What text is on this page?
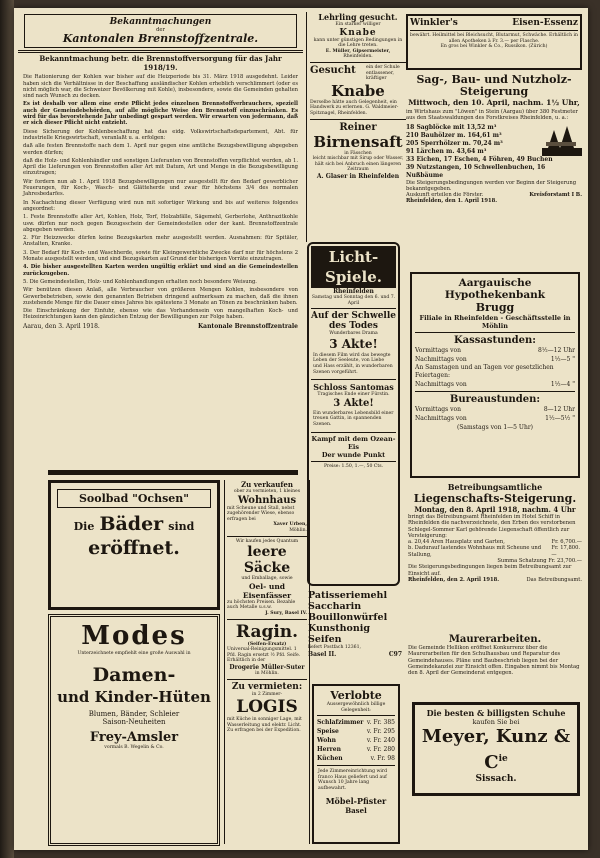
Bekanntmachungen
der
Kantonalen Brennstoffzentrale.
Bekanntmachung betr. die Brennstoffversorgung für das Jahr 1918/19.

Die Rationierung der Kohlen war bisher auf die Heizperiode bis 31. März 1918 ausgedehnt. Leider haben sich die Verhältnisse in der Beschaffung ausländischer Kohlen erheblich verschlimmert (oder es nicht möglich war, die Schweizer Bevölkerung mit Kohle), insbesondere, sowie die Gemeinden gehalten sind nach Wunsch zu decken.

Es ist deshalb vor allem eine erste Pflicht jedes einzelnen Brennstoffverbrauchers, speziell auch der Gemeindebehörden, auf alle mögliche Weise den Brennstoff einzuschränken. Es wird für das bevorstehende Jahr unbedingt gespart werden. Wir erwarten von jedermann, daß er sich dieser Pflicht nicht entzieht.

Diese Sicherung der Kohlenbeschaffung hat das eidg. Volkswirtschaftsdepartement, Abt. für industrielle Kriegswirtschaft, veranlaßt u. a. erfolgen:

daß alle festen Brennstoffe nach dem 1. April nur gegen eine amtliche Bezugsbewilligung abgegeben werden dürfen;

daß die Holz- und Kohlenhändler und sonstigen Lieferanten von Brennstoffen verpflichtet werden, ab 1. April die Lieferungen von Brennstoffen aller Art mit Datum, Art und Menge in die Bezugsbewilligung einzutragen;

Wir fordern nun ab 1. April 1918 Bezugsbewilligungen nur ausgestellt für den Bedarf gewerblicher Feuerungen, für Koch-, Wasch- und Glätteherde und zwar für höchstens 3/4 des normalen Jahresbedarfes.

In Nachachtung dieser Verfügung wird nun mit sofortiger Wirkung und bis auf weiteres folgendes angeordnet:

1. Feste Brennstoffe aller Art, Kohlen, Holz, Torf, Holzabfälle, Sägemehl, Gerberlohe, Anthrazitkohle usw. dürfen nur noch gegen Bezugsschein der Gemeindestellen oder der kant. Brennstoffzentrale abgegeben werden.

2. Für Heizzwecke dürfen keine Bezugskarten mehr ausgestellt werden. Ausnahmen: für Spitäler, Anstalten, Kranke.

3. Der Bedarf für Koch- und Waschherde, sowie für Kleingewerbliche Zwecke darf nur für höchstens 2 Monate ausgestellt werden, und sind Bezugskarten auf Grund der bisherigen Vorräte einzutragen.

4. Die bisher ausgestellten Karten werden ungültig erklärt und sind an die Gemeindestellen zurückzugeben.

5. Die Gemeindestellen, Holz- und Kohlenhandlungen erhalten noch besondere Weisung.

Wir benützen diesen Anlaß, alle Verbraucher von größeren Mengen Kohlen, insbesondere von Gewerbebetrieben, sowie den genannten Betrieben dringend aufmerksam zu machen, daß die ihnen zustehende Menge für die Dauer eines Jahres bis spätestens 3 Monate an Tönen zu beschränken haben.

Die Einschränkung der Einfuhr, ebenso wie das Vorhandensein von mangelhaften Koch- und Heizeinrichtungen kann den gänzlichen Entzug der Bewilligungen zur Folge haben.

Aarau, den 3. April 1918.	Kantonale Brennstoffzentrale
Lehrling gesucht.
Ein starker williger
Knabe
kann unter günstigen Bedingungen in die Lehre treten.
E. Müller, Gipsermeister,
Rheinfelden.
Gesucht ein der Schule entlassener, kräftiger
Knabe
Derselbe hätte auch Gelegenheit, ein Handwerk zu erlernen. G. Waldmeier-Spitznagel, Rheinfelden.
Reiner
Birnensaft
in Fässchen
leicht mischbar mit Sirup oder Wasser, hält sich bei Anbruch einen längeren Zeitraum
A. Glaser in Rheinfelden
Licht-
Spiele.
Rheinfelden
Samstag und Sonntag den 6. und 7. April
Auf der Schwelle des Todes
Wunderbares Drama
3 Akte!
In diesem Film wird das bewegte Leben der Seeleute, von Liebe und Hass erzählt, in wunderbaren Szenen vorgeführt.
Schloss Santomas
Tragisches Ende einer Fürstin.
3 Akte!
Ein wunderbares Lebensbild einer treuen Gattin, in spannenden Szenen.
Kampf mit dem Ozean-Eis
Der wunde Punkt
Preise: 1.50, 1.—, 50 Cts.
Patisseriemehl
Saccharin
Bouillonwürfel
Kunsthonig
Seifen
liefert Postfach 12361,
Basel II.	C97
Verlobte
Aussergewöhnlich billige Gelegenheit:
Schlafzimmer v. Fr. 385
Speise	v. Fr. 295
Wohn	v. Fr. 240
Herren	v. Fr. 280
Küchen	v. Fr. 98
Jede Zimmereinrichtung wird franco Haus geliefert und auf Wunsch 10 Jahre lang aufbewahrt.
Möbel-Pfister
Basel
Winkler's	Eisen-Essenz
bewährt. Heilmittel bei Bleichsucht, Blutarmut, Schwäche. Erhältlich in allen Apotheken à Fr. 3.— per Flasche.
En gros bei Winkler & Co., Russikon. (Zürich)
Sag-, Bau- und Nutzholz-Steigerung
Mittwoch, den 10. April, nachm. 1½ Uhr,
im Wirtshaus zum "Löwen" in Stein (Aargau) über 380 Festmeter aus den Staatswaldungen des Forstkreises Rheinfelden, u. a.:
18 Sagblöcke mit 13,52 m³
210 Bauhölzer m. 164,61 m³
205 Sperrhölzer m. 70,24 m³
91 Lärchen m. 43,64 m³
33 Eichen, 17 Eschen, 4 Föhren, 49 Buchen
39 Nutzstangen, 10 Schwellenbuchen, 16 Nußbäume
Die Steigerungsbedingungen werden vor Beginn der Steigerung bekanntgegeben.
Auskunft erteilen die Förster.	Kreisforstamt I B.
Rheinfelden, den 1. April 1918.
Aargauische Hypothekenbank
Brugg
Filiale in Rheinfelden - Geschäftsstelle in Möhlin
Kassastunden:
Vormittags von	8½—12 Uhr
Nachmittags von	1½—5 "
An Samstagen und an Tagen vor gesetzlichen Feiertagen:
Nachmittags von	1½—4 "
Bureaustunden:
Vormittags von	8—12 Uhr
Nachmittags von	1½—5½ "
(Samstags von 1—5 Uhr)
Betreibungsamtliche
Liegenschafts-Steigerung.
Montag, den 8. April 1918, nachm. 4 Uhr
bringt das Betreibungsamt Rheinfelden im Hotel Schiff in Rheinfelden die nachverzeichnete, den Erben des verstorbenen Schlegel-Sommer Karl gehörende Liegenschaft öffentlich zur Versteigerung:
a. 20,44 Aren Hausplatz und Garten,	Fr. 6,700.—
b. Dadurauf lastendes Wohnhaus mit Scheune und Stallung,
Fr. 17,800.—
Summa Schatzung Fr. 23,700.—
Die Steigerungsbedingungen liegen beim Betreibungsamt zur Einsicht auf.
Rheinfelden, den 2. April 1918.	Das Betreibungsamt.
Maurerarbeiten.
Die Gemeinde Hellikon eröffnet Konkurrenz über die Maurerarbeiten für den Schulhausbau und Reparatur des Gemeindehauses. Pläne und Baubeschrieb liegen bei der Gemeindekanzlei zur Einsicht offen. Eingaben nimmt bis Montag den 8. April der Gemeinderat entgegen.
Die besten & billigsten Schuhe
kaufen Sie bei
Meyer, Kunz & $C^{ie}$
Sissach.
Soolbad "Ochsen"
Die Bäder sind
eröffnet.
Modes
Unterzeichnete empfiehlt eine große Auswahl in
Damen-
und Kinder-Hüten
Blumen, Bänder, Schleier
Saison-Neuheiten
Frey-Amsler
vormals B. Wegelin & Co.
Zu verkaufen
ober zu vermieten, 1 kleines
Wohnhaus
mit Scheune und Stall, nebst zugehörender Wiese, ebenso erfragen bei
Xaver Urben,
Möhlin.
Wir kaufen jedes Quantum
leere Säcke
und Emballage, sowie
Oel- und Eisenfässer
zu höchsten Preisen. Bezahle auch Metalle u.s.w.
J. Sury, Basel IV.
Ragin.
(Seifen-Ersatz)
Universal-Reinigungsmittel. 1 Pfd. Ragin ersetzt ½ Pfd. Seife. Erhältlich in der
Drogerie Müller-Suter
in Möhlin.
Zu vermieten:
in 2 Zimmer-
LOGIS
mit Küche in sonniger Lage, mit Wasserleitung und elektr. Licht. Zu erfragen bei der Expedition.
